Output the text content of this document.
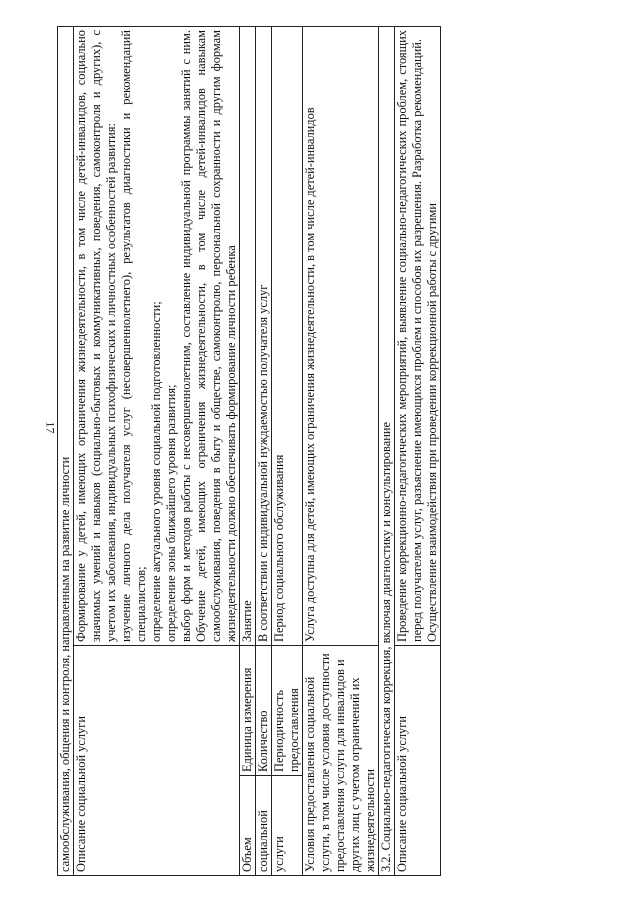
17
самообслуживания, общения и контроля, направленным на развитие личности		
Описание социальной услуги		Формирование у детей, имеющих ограничения жизнедеятельности, в том числе детей-инвалидов, социально значимых умений и навыков (социально-бытовых и коммуникативных, поведения, самоконтроля и других), с учетом их заболевания, индивидуальных психофизических и личностных особенностей развития: изучение личного дела получателя услуг (несовершеннолетнего), результатов диагностики и рекомендаций специалистов; определение актуального уровня социальной подготовленности; определение зоны ближайшего уровня развития; выбор форм и методов работы с несовершеннолетним, составление индивидуальной программы занятий с ним. Обучение детей, имеющих ограничения жизнедеятельности, в том числе детей-инвалидов навыкам самообслуживания, поведения в быту и обществе, самоконтролю, персональной сохранности и другим формам жизнедеятельности должно обеспечивать формирование личности ребенка

Объем	Единица измерения	Занятие
социальной	Количество	В соответствии с индивидуальной нуждаемостью получателя услуг
услуги	Периодичность предоставления	Период социального обслуживания
Условия предоставления социальной услуги, в том числе условия доступности предоставления услуги для инвалидов и других лиц с учетом ограничений их жизнедеятельности		Услуга доступна для детей, имеющих ограничения жизнедеятельности, в том числе детей-инвалидов
3.2. Социально-педагогическая коррекция, включая диагностику и консультирование		
Описание социальной услуги		Проведение коррекционно-педагогических мероприятий, выявление социально-педагогических проблем, стоящих перед получателем услуг, разъяснение имеющихся проблем и способов их разрешения. Разработка рекомендаций. Осуществление взаимодействия при проведении коррекционной работы с другими
